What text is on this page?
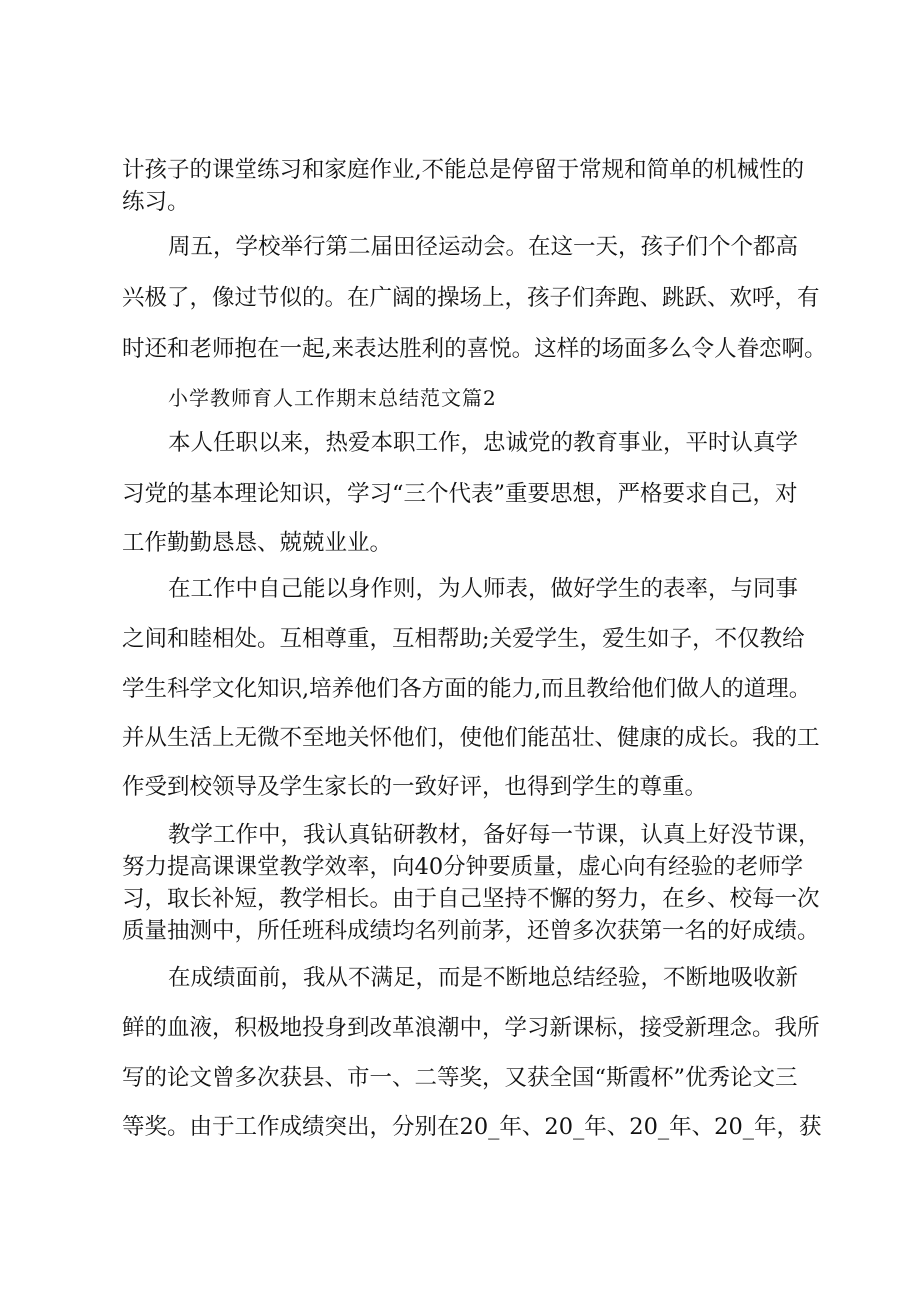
计孩子的课堂练习和家庭作业,不能总是停留于常规和简单的机械性的
练习。
周五，学校举行第二届田径运动会。在这一天，孩子们个个都高
兴极了，像过节似的。在广阔的操场上，孩子们奔跑、跳跃、欢呼，有
时还和老师抱在一起,来表达胜利的喜悦。这样的场面多么令人眷恋啊。
小学教师育人工作期末总结范文篇2
本人任职以来，热爱本职工作，忠诚党的教育事业，平时认真学
习党的基本理论知识，学习“三个代表”重要思想，严格要求自己，对
工作勤勤恳恳、兢兢业业。
在工作中自己能以身作则，为人师表，做好学生的表率，与同事
之间和睦相处。互相尊重，互相帮助;关爱学生，爱生如子，不仅教给
学生科学文化知识,培养他们各方面的能力,而且教给他们做人的道理。
并从生活上无微不至地关怀他们，使他们能茁壮、健康的成长。我的工
作受到校领导及学生家长的一致好评，也得到学生的尊重。
教学工作中，我认真钻研教材，备好每一节课，认真上好没节课，
努力提高课课堂教学效率，向40分钟要质量，虚心向有经验的老师学
习，取长补短，教学相长。由于自己坚持不懈的努力，在乡、校每一次
质量抽测中，所任班科成绩均名列前茅，还曾多次获第一名的好成绩。
在成绩面前，我从不满足，而是不断地总结经验，不断地吸收新
鲜的血液，积极地投身到改革浪潮中，学习新课标，接受新理念。我所
写的论文曾多次获县、市一、二等奖，又获全国“斯霞杯”优秀论文三
等奖。由于工作成绩突出，分别在20_年、20_年、20_年、20_年，获
